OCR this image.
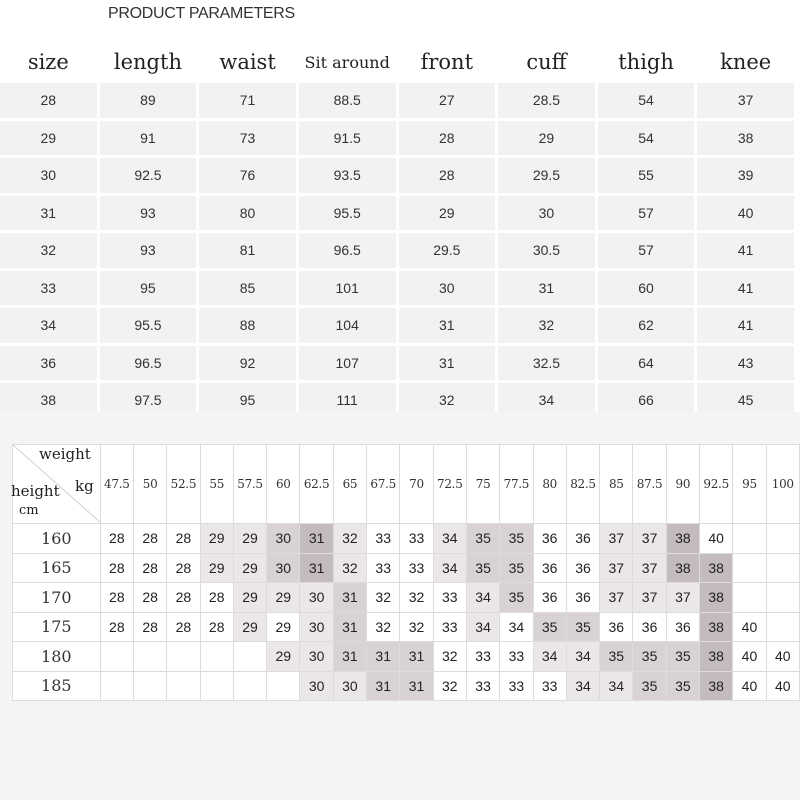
PRODUCT PARAMETERS
size	length	waist	Sit around	front	cuff	thigh	knee
28	89	71	88.5	27	28.5	54	37
29	91	73	91.5	28	29	54	38
30	92.5	76	93.5	28	29.5	55	39
31	93	80	95.5	29	30	57	40
32	93	81	96.5	29.5	30.5	57	41
33	95	85	101	30	31	60	41
34	95.5	88	104	31	32	62	41
36	96.5	92	107	31	32.5	64	43
38	97.5	95	111	32	34	66	45
weight
kg
height
cm	47.5	50	52.5	55	57.5	60	62.5	65	67.5	70	72.5	75	77.5	80	82.5	85	87.5	90	92.5	95	100
160	28	28	28	29	29	30	31	32	33	33	34	35	35	36	36	37	37	38	40		
165	28	28	28	29	29	30	31	32	33	33	34	35	35	36	36	37	37	38	38		
170	28	28	28	28	29	29	30	31	32	32	33	34	35	36	36	37	37	37	38		
175	28	28	28	28	29	29	30	31	32	32	33	34	34	35	35	36	36	36	38	40	
180						29	30	31	31	31	32	33	33	34	34	35	35	35	38	40	40
185							30	30	31	31	32	33	33	33	34	34	35	35	38	40	40
